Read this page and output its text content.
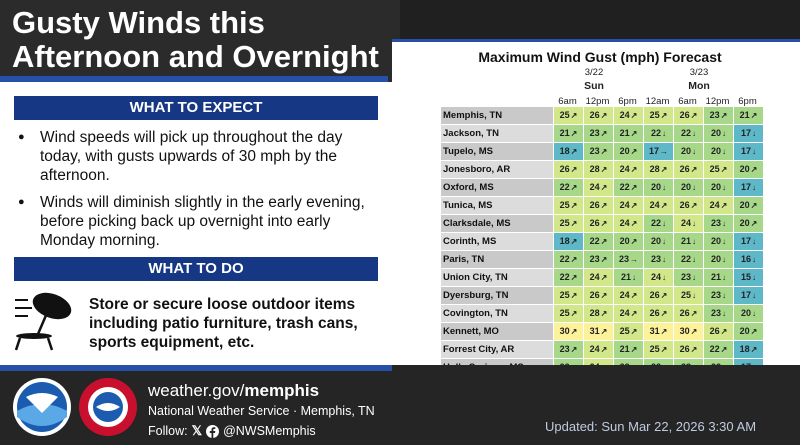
Gusty Winds this Afternoon and Overnight
WHAT TO EXPECT
● Wind speeds will pick up throughout the day today, with gusts upwards of 30 mph by the afternoon.
● Winds will diminish slightly in the early evening, before picking back up overnight into early Monday morning.
WHAT TO DO
Store or secure loose outdoor items including patio furniture, trash cans, sports equipment, etc.
Maximum Wind Gust (mph) Forecast
3/22	3/23
Sun	Mon
6am 12pm 6pm 12am 6am 12pm 6pm
Memphis, TN	25↗	26↗	24↗	25↗	26↗	23↗	21↗
Jackson, TN	21↗	23↗	21↗	22↓	22↓	20↓	17↓
Tupelo, MS	18↗	23↗	20↗	17→	20↓	20↓	17↓
Jonesboro, AR	26↗	28↗	24↗	28↗	26↗	25↗	20↗
Oxford, MS	22↗	24↗	22↗	20↓	20↓	20↓	17↓
Tunica, MS	25↗	26↗	24↗	24↗	26↗	24↗	20↗
Clarksdale, MS	25↗	26↗	24↗	22↓	24↓	23↓	20↗
Corinth, MS	18↗	22↗	20↗	20↓	21↓	20↓	17↓
Paris, TN	22↗	23↗	23→	23↓	22↓	20↓	16↓
Union City, TN	22↗	24↗	21↓	24↓	23↓	21↓	15↓
Dyersburg, TN	25↗	26↗	24↗	26↗	25↓	23↓	17↓
Covington, TN	25↗	28↗	24↗	26↗	26↗	23↓	20↓
Kennett, MO	30↗	31↗	25↗	31↗	30↗	26↗	20↗
Forrest City, AR	23↗	24↗	21↗	25↗	26↗	22↗	18↗
weather.gov/memphis
National Weather Service · Memphis, TN
Follow: 𝕏 @NWSMemphis	Updated: Sun Mar 22, 2026 3:30 AM
